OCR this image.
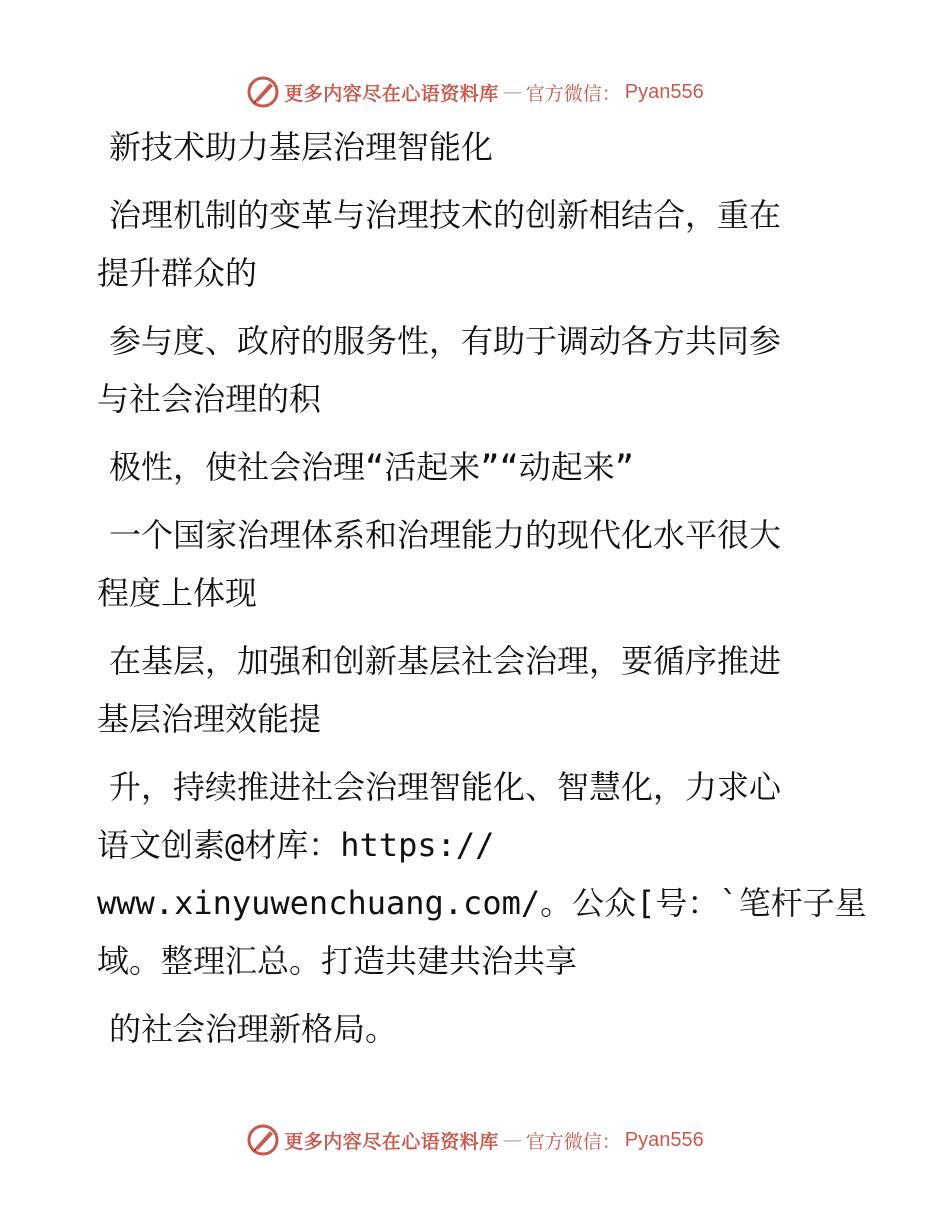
更多内容尽在心语资料库 — 官方微信： Pyan556
新技术助力基层治理智能化
治理机制的变革与治理技术的创新相结合，重在
提升群众的
参与度、政府的服务性，有助于调动各方共同参
与社会治理的积
极性，使社会治理“活起来”“动起来”
一个国家治理体系和治理能力的现代化水平很大
程度上体现
在基层，加强和创新基层社会治理，要循序推进
基层治理效能提
升，持续推进社会治理智能化、智慧化，力求心
语文创素@材库：https://
www.xinyuwenchuang.com/。公众[号：`笔杆子星
域。整理汇总。打造共建共治共享
的社会治理新格局。
更多内容尽在心语资料库 — 官方微信： Pyan556
